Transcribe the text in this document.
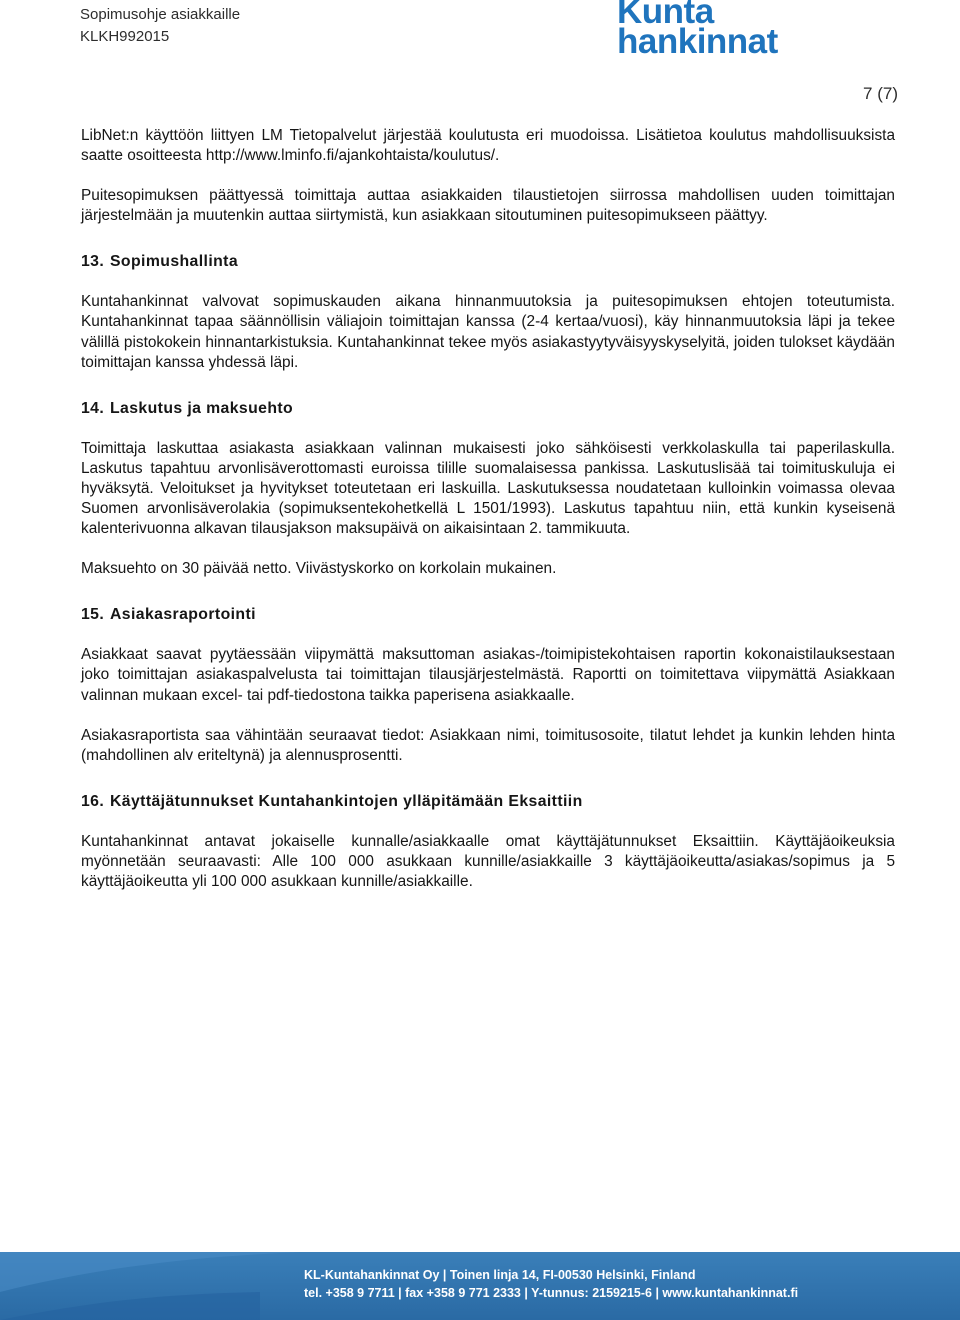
Sopimusohje asiakkaille
KLKH992015
Kunta
hankinnat
7 (7)

LibNet:n käyttöön liittyen LM Tietopalvelut järjestää koulutusta eri muodoissa. Lisätietoa koulutus mahdollisuuksista saatte osoitteesta http://www.lminfo.fi/ajankohtaista/koulutus/.

Puitesopimuksen päättyessä toimittaja auttaa asiakkaiden tilaustietojen siirrossa mahdollisen uuden toimittajan järjestelmään ja muutenkin auttaa siirtymistä, kun asiakkaan sitoutuminen puitesopimukseen päättyy.

13. Sopimushallinta

Kuntahankinnat valvovat sopimuskauden aikana hinnanmuutoksia ja puitesopimuksen ehtojen toteutumista. Kuntahankinnat tapaa säännöllisin väliajoin toimittajan kanssa (2-4 kertaa/vuosi), käy hinnanmuutoksia läpi ja tekee välillä pistokokein hinnantarkistuksia. Kuntahankinnat tekee myös asiakastyytyväisyyskyselyitä, joiden tulokset käydään toimittajan kanssa yhdessä läpi.

14. Laskutus ja maksuehto

Toimittaja laskuttaa asiakasta asiakkaan valinnan mukaisesti joko sähköisesti verkkolaskulla tai paperilaskulla. Laskutus tapahtuu arvonlisäverottomasti euroissa tilille suomalaisessa pankissa. Laskutuslisää tai toimituskuluja ei hyväksytä. Veloitukset ja hyvitykset toteutetaan eri laskuilla. Laskutuksessa noudatetaan kulloinkin voimassa olevaa Suomen arvonlisäverolakia (sopimuksentekohetkellä L 1501/1993). Laskutus tapahtuu niin, että kunkin kyseisenä kalenterivuonna alkavan tilausjakson maksupäivä on aikaisintaan 2. tammikuuta.

Maksuehto on 30 päivää netto. Viivästyskorko on korkolain mukainen.

15. Asiakasraportointi

Asiakkaat saavat pyytäessään viipymättä maksuttoman asiakas-/toimipistekohtaisen raportin kokonaistilauksestaan joko toimittajan asiakaspalvelusta tai toimittajan tilausjärjestelmästä. Raportti on toimitettava viipymättä Asiakkaan valinnan mukaan excel- tai pdf-tiedostona taikka paperisena asiakkaalle.

Asiakasraportista saa vähintään seuraavat tiedot: Asiakkaan nimi, toimitusosoite, tilatut lehdet ja kunkin lehden hinta (mahdollinen alv eriteltynä) ja alennusprosentti.

16. Käyttäjätunnukset Kuntahankintojen ylläpitämään Eksaittiin

Kuntahankinnat antavat jokaiselle kunnalle/asiakkaalle omat käyttäjätunnukset Eksaittiin. Käyttäjäoikeuksia myönnetään seuraavasti: Alle 100 000 asukkaan kunnille/asiakkaille 3 käyttäjäoikeutta/asiakas/sopimus ja 5 käyttäjäoikeutta yli 100 000 asukkaan kunnille/asiakkaille.

KL-Kuntahankinnat Oy | Toinen linja 14, FI-00530 Helsinki, Finland
tel. +358 9 7711 | fax +358 9 771 2333 | Y-tunnus: 2159215-6 | www.kuntahankinnat.fi
